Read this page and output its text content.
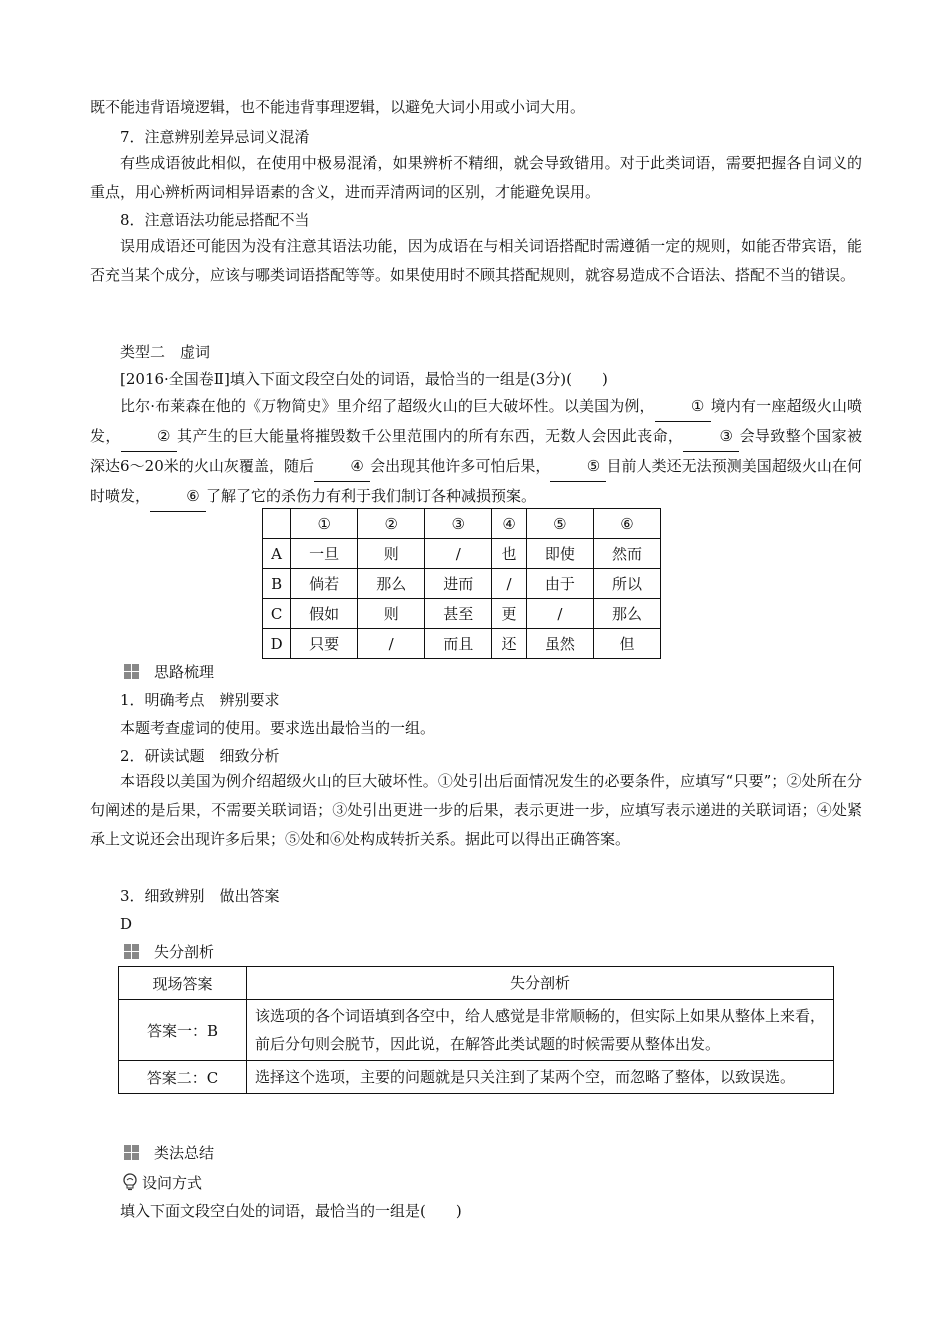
既不能违背语境逻辑，也不能违背事理逻辑，以避免大词小用或小词大用。

7．注意辨别差异忌词义混淆

有些成语彼此相似，在使用中极易混淆，如果辨析不精细，就会导致错用。对于此类词语，需要把握各自词义的重点，用心辨析两词相异语素的含义，进而弄清两词的区别，才能避免误用。

8．注意语法功能忌搭配不当

误用成语还可能因为没有注意其语法功能，因为成语在与相关词语搭配时需遵循一定的规则，如能否带宾语，能否充当某个成分，应该与哪类词语搭配等等。如果使用时不顾其搭配规则，就容易造成不合语法、搭配不当的错误。

类型二　虚词
[2016·全国卷Ⅱ]填入下面文段空白处的词语，最恰当的一组是(3分)(　　)

比尔·布莱森在他的《万物简史》里介绍了超级火山的巨大破坏性。以美国为例， ① 境内有一座超级火山喷发， ② 其产生的巨大能量将摧毁数千公里范围内的所有东西，无数人会因此丧命， ③ 会导致整个国家被深达6～20米的火山灰覆盖，随后 ④ 会出现其他许多可怕后果， ⑤ 目前人类还无法预测美国超级火山在何时喷发， ⑥ 了解了它的杀伤力有利于我们制订各种减损预案。

	①	②	③	④	⑤	⑥
A	一旦	则	/	也	即使	然而
B	倘若	那么	进而	/	由于	所以
C	假如	则	甚至	更	/	那么
D	只要	/	而且	还	虽然	但
思路梳理
1．明确考点　辨别要求
本题考查虚词的使用。要求选出最恰当的一组。
2．研读试题　细致分析

本语段以美国为例介绍超级火山的巨大破坏性。①处引出后面情况发生的必要条件，应填写“只要”；②处所在分句阐述的是后果，不需要关联词语；③处引出更进一步的后果，表示更进一步，应填写表示递进的关联词语；④处紧承上文说还会出现许多后果；⑤处和⑥处构成转折关系。据此可以得出正确答案。

3．细致辨别　做出答案
D
失分剖析
现场答案	失分剖析
答案一：B	该选项的各个词语填到各空中，给人感觉是非常顺畅的，但实际上如果从整体上来看，前后分句则会脱节，因此说，在解答此类试题的时候需要从整体出发。
答案二：C	选择这个选项，主要的问题就是只关注到了某两个空，而忽略了整体，以致误选。
类法总结
设问方式
填入下面文段空白处的词语，最恰当的一组是(　　)
